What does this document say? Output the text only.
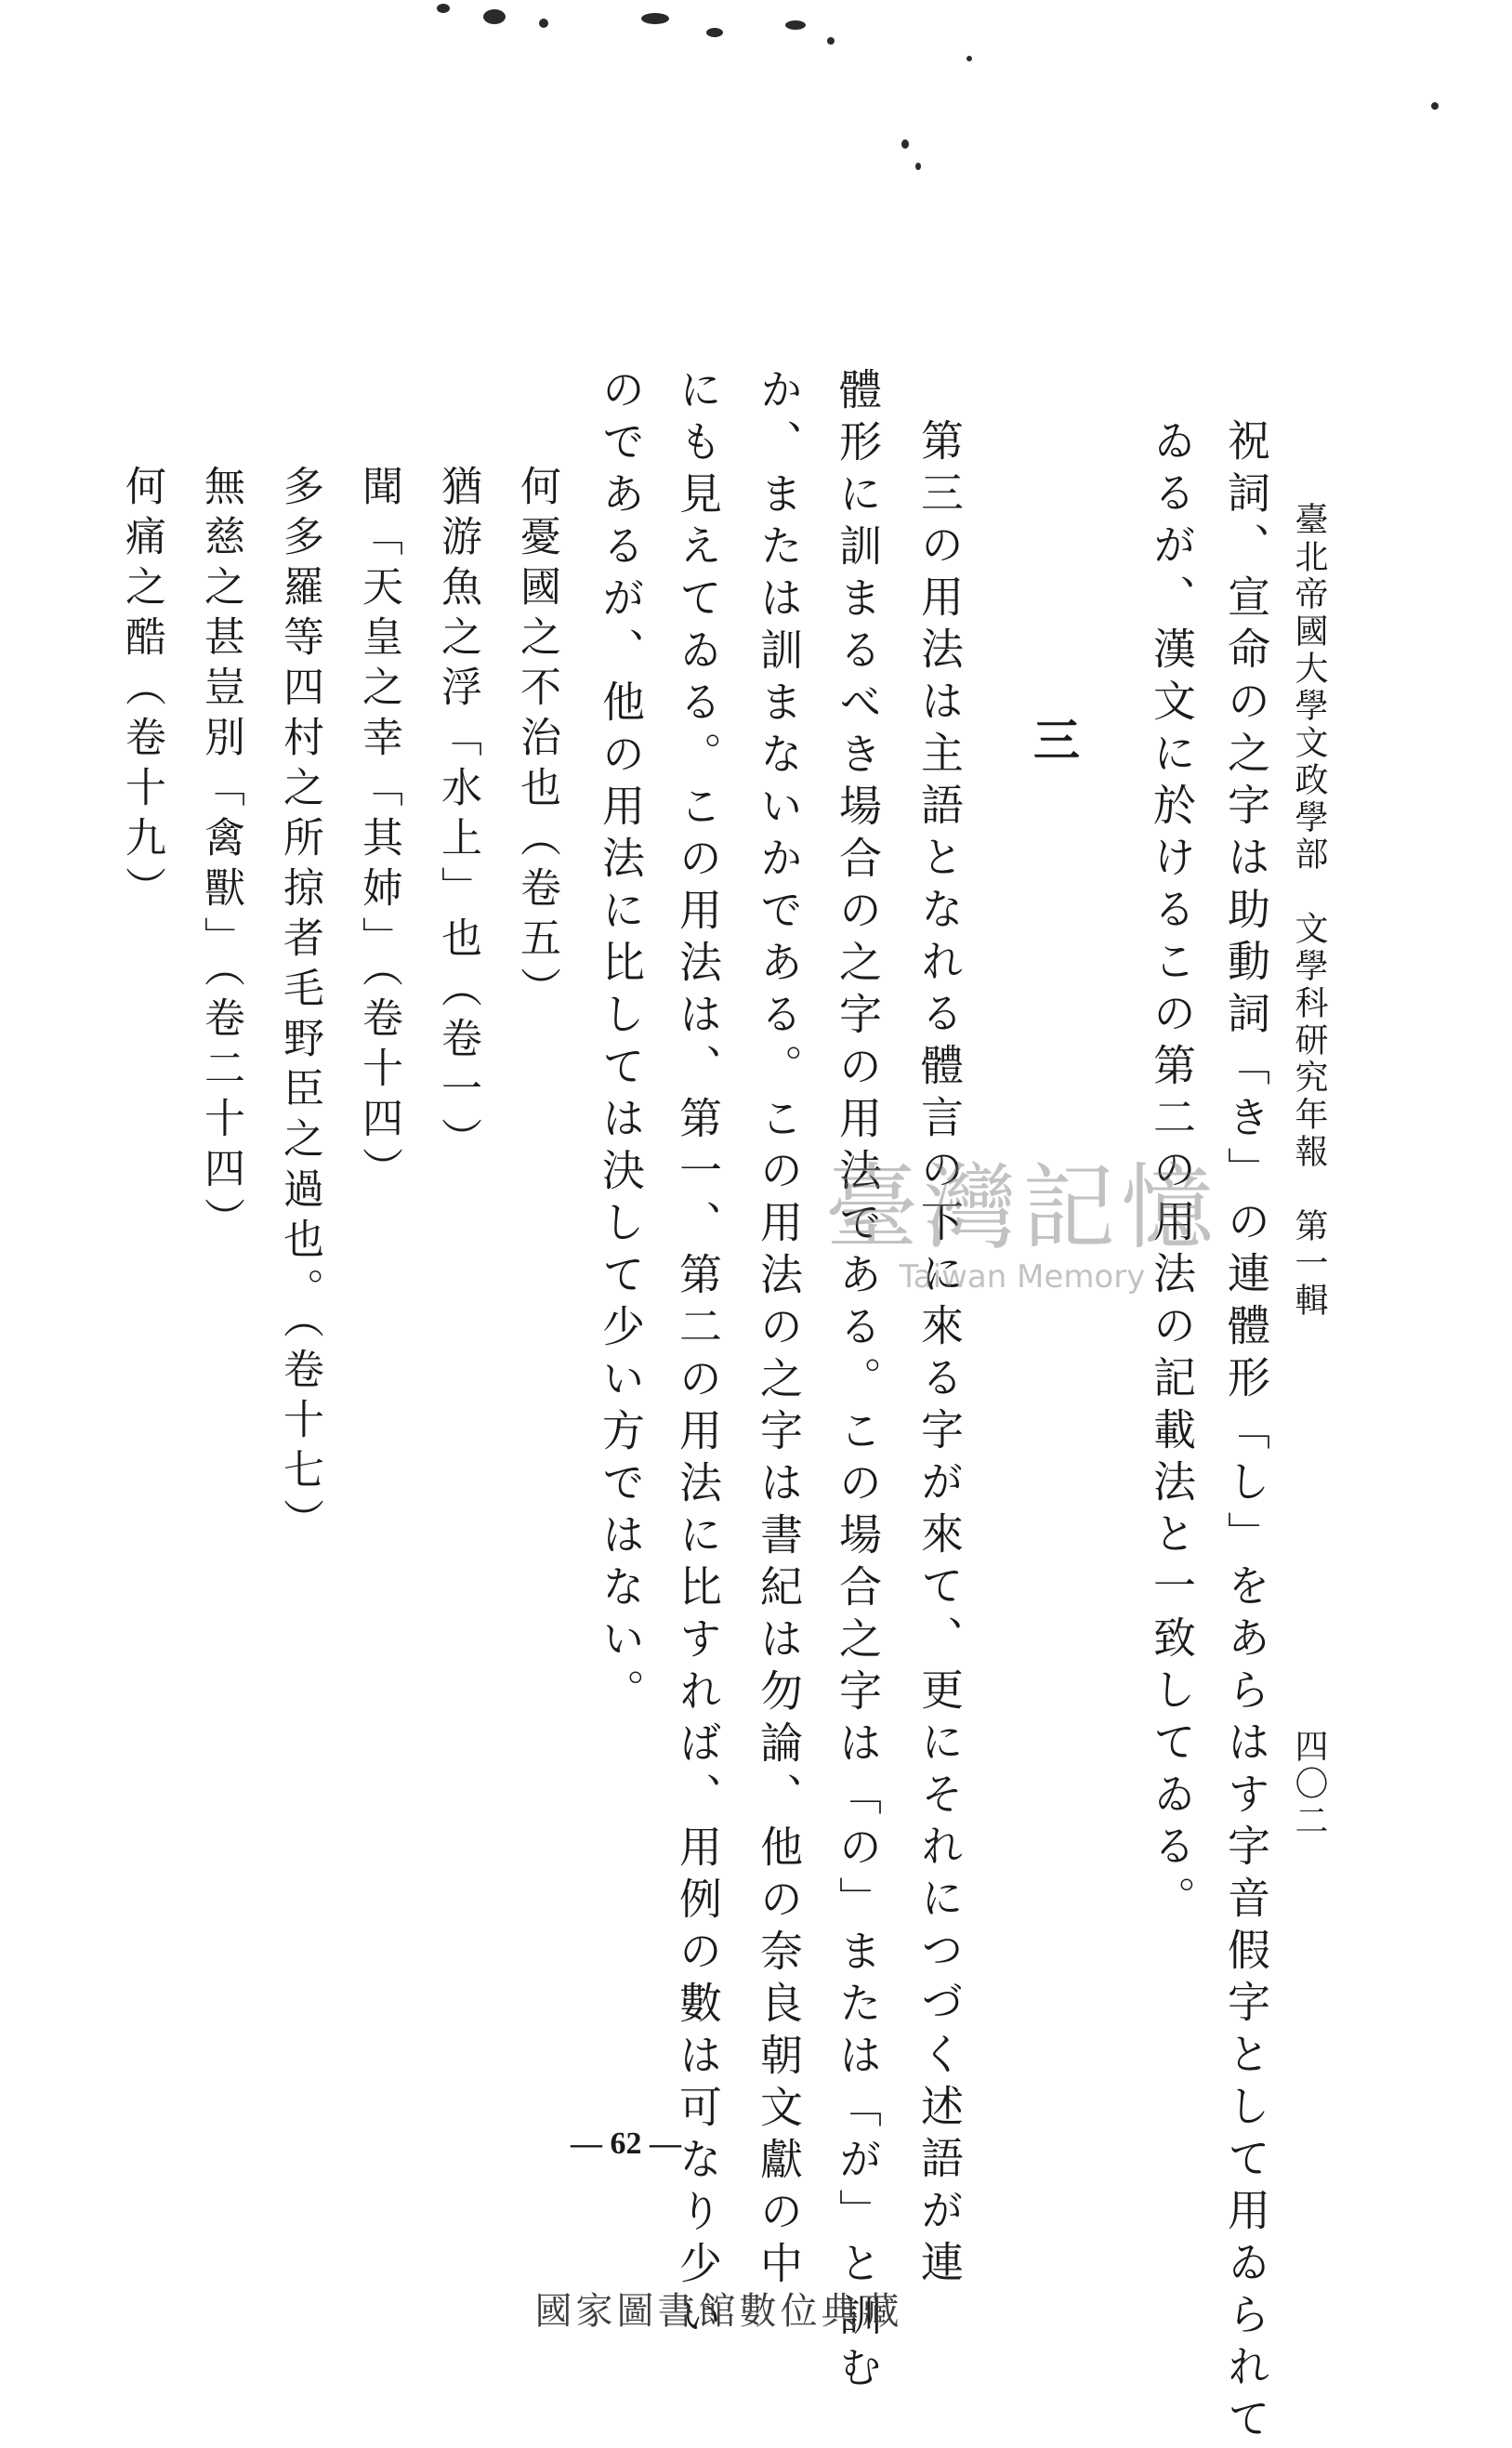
臺北帝國大學文政學部　文學科研究年報　第一輯
四〇二
祝詞、宣命の之字は助動詞「き」の連體形「し」をあらはす字音假字として用ゐられて
ゐるが、漢文に於けるこの第二の用法の記載法と一致してゐる。
三
第三の用法は主語となれる體言の下に來る字が來て、更にそれにつづく述語が連
體形に訓まるべき場合の之字の用法である。この場合之字は「の」または「が」と訓む
か、または訓まないかである。この用法の之字は書紀は勿論、他の奈良朝文獻の中
にも見えてゐる。この用法は、第一、第二の用法に比すれば、用例の數は可なり少い
のであるが、他の用法に比しては決して少い方ではない。
何憂國之不治也（卷五）
猶游魚之浮「水上」也（卷一）
聞「天皇之幸「其姉」（卷十四）
多多羅等四村之所掠者毛野臣之過也。（卷十七）
無慈之甚豈別「禽獸」（卷二十四）
何痛之酷（卷十九）
— 62 —
臺灣記憶
Taiwan Memory
國家圖書館數位典藏
